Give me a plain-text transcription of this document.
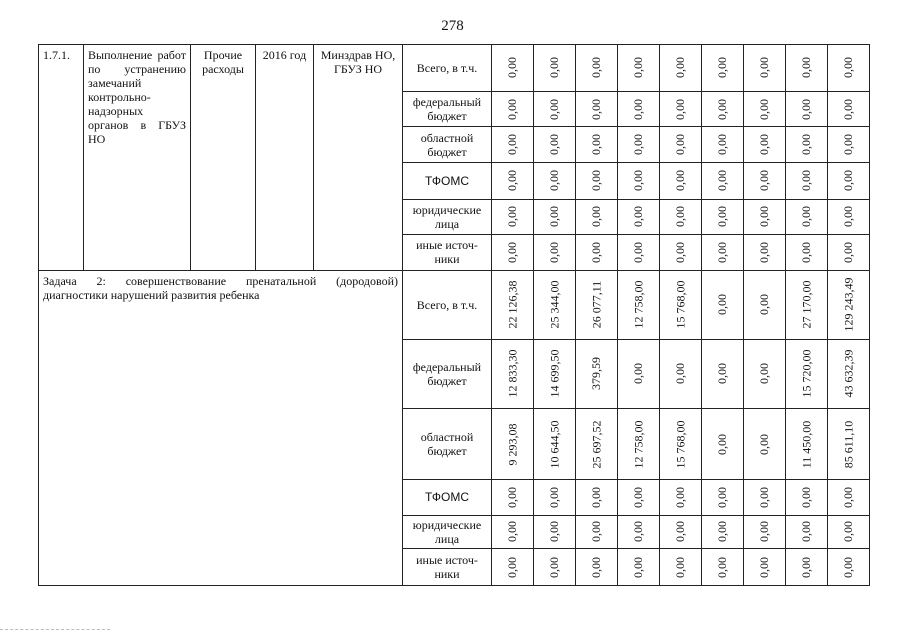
278
1.7.1.	Выполнение работ по устранению замечаний контрольно-надзорных органов в ГБУЗ НО	Прочие расходы	2016 год	Минздрав НО, ГБУЗ НО	Всего, в т.ч.	0,00	0,00	0,00	0,00	0,00	0,00	0,00	0,00	0,00

					федеральный бюджет	0,00	0,00	0,00	0,00	0,00	0,00	0,00	0,00	0,00

					областной бюджет	0,00	0,00	0,00	0,00	0,00	0,00	0,00	0,00	0,00

					ТФОМС	0,00	0,00	0,00	0,00	0,00	0,00	0,00	0,00	0,00

					юридические лица	0,00	0,00	0,00	0,00	0,00	0,00	0,00	0,00	0,00

					иные источ-ники	0,00	0,00	0,00	0,00	0,00	0,00	0,00	0,00	0,00

Задача 2: совершенствование пренатальной (дородовой) диагностики нарушений развития ребенка					Всего, в т.ч.	22 126,38	25 344,00	26 077,11	12 758,00	15 768,00	0,00	0,00	27 170,00	129 243,49

					федеральный бюджет	12 833,30	14 699,50	379,59	0,00	0,00	0,00	0,00	15 720,00	43 632,39

					областной бюджет	9 293,08	10 644,50	25 697,52	12 758,00	15 768,00	0,00	0,00	11 450,00	85 611,10

					ТФОМС	0,00	0,00	0,00	0,00	0,00	0,00	0,00	0,00	0,00

					юридические лица	0,00	0,00	0,00	0,00	0,00	0,00	0,00	0,00	0,00

					иные источ-ники	0,00	0,00	0,00	0,00	0,00	0,00	0,00	0,00	0,00
